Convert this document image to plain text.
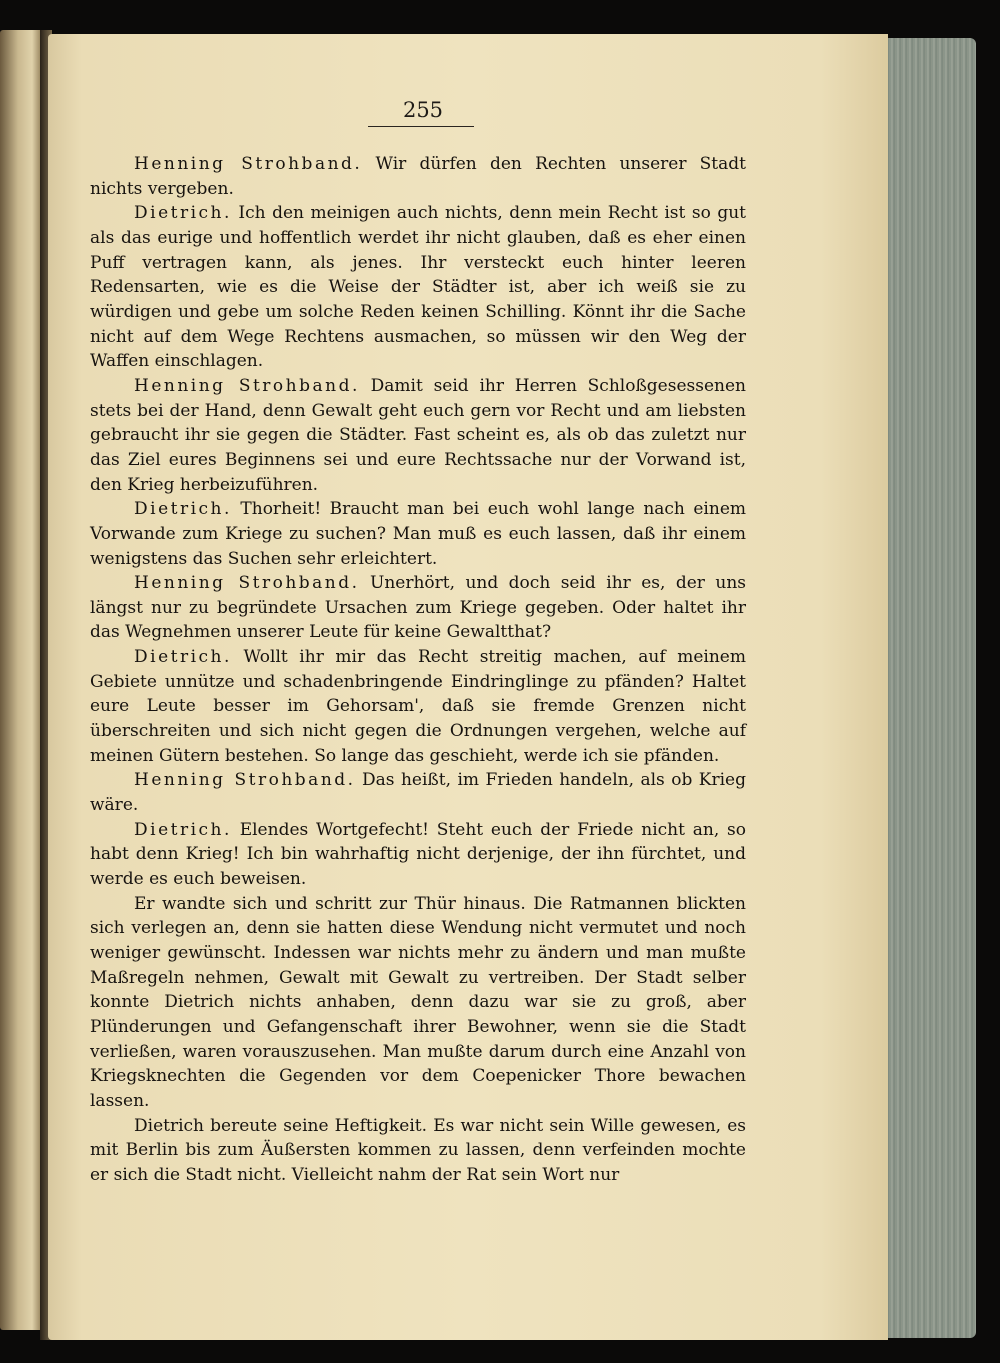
255

Henning Strohband. Wir dürfen den Rechten unserer Stadt nichts vergeben.

Dietrich. Ich den meinigen auch nichts, denn mein Recht ist so gut als das eurige und hoffentlich werdet ihr nicht glauben, daß es eher einen Puff vertragen kann, als jenes. Ihr versteckt euch hinter leeren Redensarten, wie es die Weise der Städter ist, aber ich weiß sie zu würdigen und gebe um solche Reden keinen Schilling. Könnt ihr die Sache nicht auf dem Wege Rechtens ausmachen, so müssen wir den Weg der Waffen einschlagen.

Henning Strohband. Damit seid ihr Herren Schloßgesessenen stets bei der Hand, denn Gewalt geht euch gern vor Recht und am liebsten gebraucht ihr sie gegen die Städter. Fast scheint es, als ob das zuletzt nur das Ziel eures Beginnens sei und eure Rechtssache nur der Vorwand ist, den Krieg herbeizuführen.

Dietrich. Thorheit! Braucht man bei euch wohl lange nach einem Vorwande zum Kriege zu suchen? Man muß es euch lassen, daß ihr einem wenigstens das Suchen sehr erleichtert.

Henning Strohband. Unerhört, und doch seid ihr es, der uns längst nur zu begründete Ursachen zum Kriege gegeben. Oder haltet ihr das Wegnehmen unserer Leute für keine Gewaltthat?

Dietrich. Wollt ihr mir das Recht streitig machen, auf meinem Gebiete unnütze und schadenbringende Eindringlinge zu pfänden? Haltet eure Leute besser im Gehorsam', daß sie fremde Grenzen nicht überschreiten und sich nicht gegen die Ordnungen vergehen, welche auf meinen Gütern bestehen. So lange das geschieht, werde ich sie pfänden.

Henning Strohband. Das heißt, im Frieden handeln, als ob Krieg wäre.

Dietrich. Elendes Wortgefecht! Steht euch der Friede nicht an, so habt denn Krieg! Ich bin wahrhaftig nicht derjenige, der ihn fürchtet, und werde es euch beweisen.

Er wandte sich und schritt zur Thür hinaus. Die Ratmannen blickten sich verlegen an, denn sie hatten diese Wendung nicht vermutet und noch weniger gewünscht. Indessen war nichts mehr zu ändern und man mußte Maßregeln nehmen, Gewalt mit Gewalt zu vertreiben. Der Stadt selber konnte Dietrich nichts anhaben, denn dazu war sie zu groß, aber Plünderungen und Gefangenschaft ihrer Bewohner, wenn sie die Stadt verließen, waren vorauszusehen. Man mußte darum durch eine Anzahl von Kriegsknechten die Gegenden vor dem Coepenicker Thore bewachen lassen.

Dietrich bereute seine Heftigkeit. Es war nicht sein Wille gewesen, es mit Berlin bis zum Äußersten kommen zu lassen, denn verfeinden mochte er sich die Stadt nicht. Vielleicht nahm der Rat sein Wort nur
